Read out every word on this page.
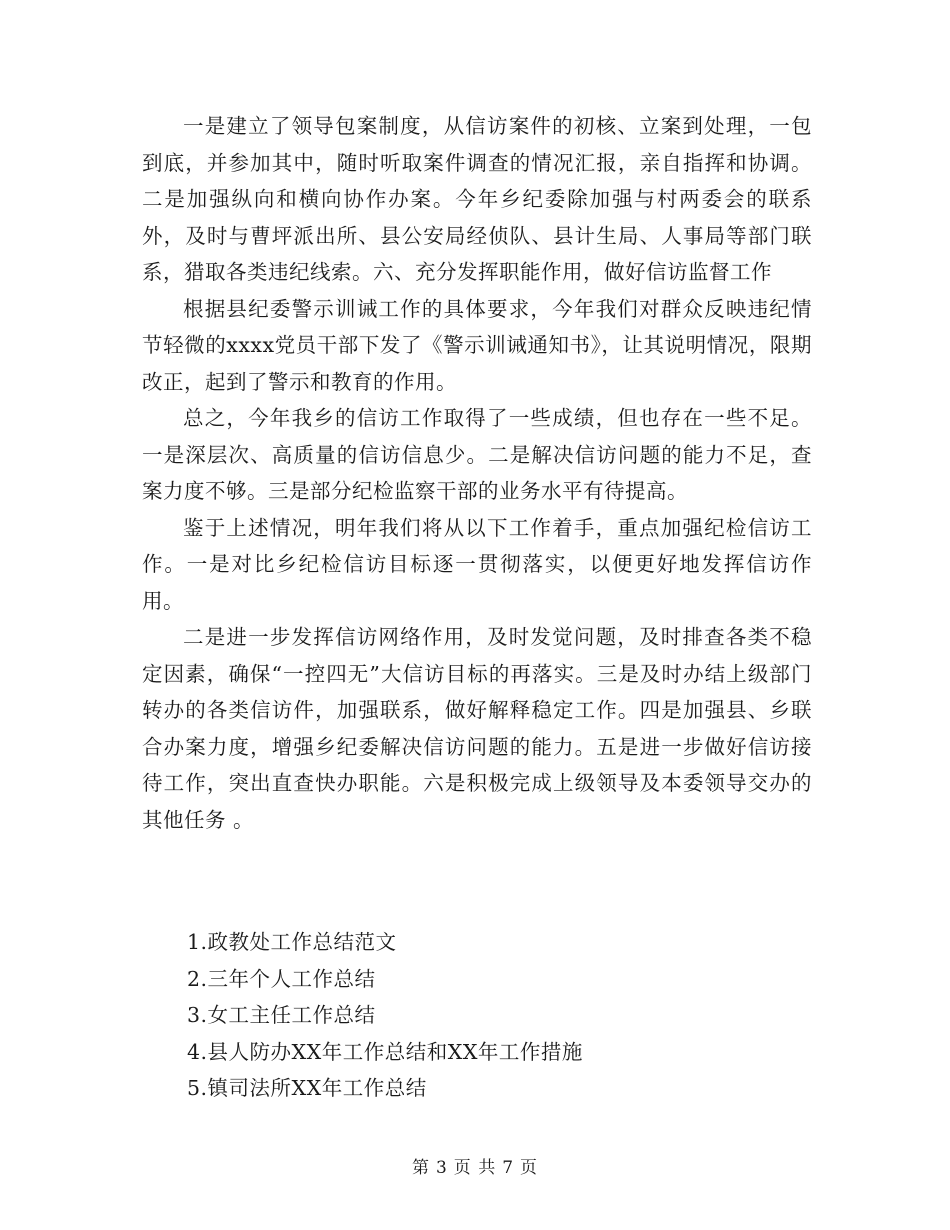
一是建立了领导包案制度，从信访案件的初核、立案到处理，一包到底，并参加其中，随时听取案件调查的情况汇报，亲自指挥和协调。二是加强纵向和横向协作办案。今年乡纪委除加强与村两委会的联系外，及时与曹坪派出所、县公安局经侦队、县计生局、人事局等部门联系，猎取各类违纪线索。六、充分发挥职能作用，做好信访监督工作

根据县纪委警示训诫工作的具体要求，今年我们对群众反映违纪情节轻微的xxxx党员干部下发了《警示训诫通知书》，让其说明情况，限期改正，起到了警示和教育的作用。

总之，今年我乡的信访工作取得了一些成绩，但也存在一些不足。一是深层次、高质量的信访信息少。二是解决信访问题的能力不足，查案力度不够。三是部分纪检监察干部的业务水平有待提高。

鉴于上述情况，明年我们将从以下工作着手，重点加强纪检信访工作。一是对比乡纪检信访目标逐一贯彻落实，以便更好地发挥信访作用。

二是进一步发挥信访网络作用，及时发觉问题，及时排查各类不稳定因素，确保“一控四无”大信访目标的再落实。三是及时办结上级部门转办的各类信访件，加强联系，做好解释稳定工作。四是加强县、乡联合办案力度，增强乡纪委解决信访问题的能力。五是进一步做好信访接待工作，突出直查快办职能。六是积极完成上级领导及本委领导交办的其他任务 。

1.政教处工作总结范文
2.三年个人工作总结
3.女工主任工作总结
4.县人防办XX年工作总结和XX年工作措施
5.镇司法所XX年工作总结
第 3 页 共 7 页
